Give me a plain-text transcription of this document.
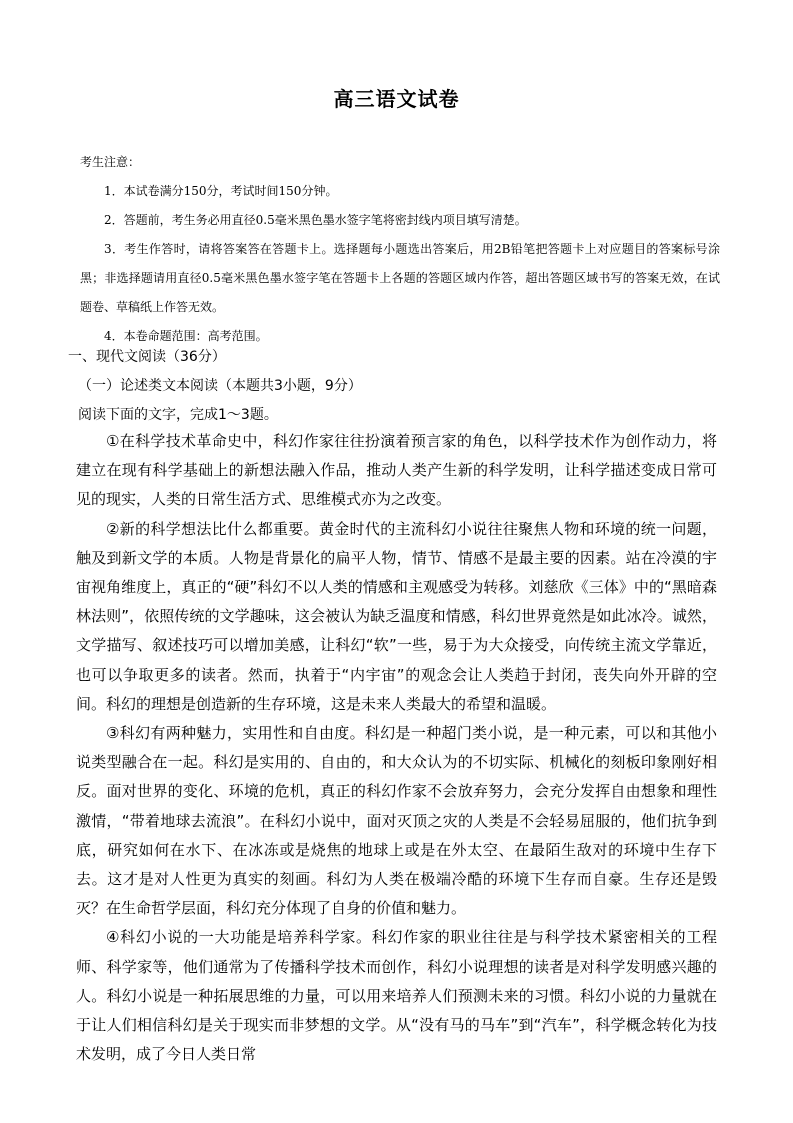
高三语文试卷

考生注意：

1．本试卷满分150分，考试时间150分钟。

2．答题前，考生务必用直径0.5毫米黑色墨水签字笔将密封线内项目填写清楚。

3．考生作答时，请将答案答在答题卡上。选择题每小题选出答案后，用2B铅笔把答题卡上对应题目的答案标号涂黑；非选择题请用直径0.5毫米黑色墨水签字笔在答题卡上各题的答题区域内作答，超出答题区域书写的答案无效，在试题卷、草稿纸上作答无效。

4．本卷命题范围：高考范围。

一、现代文阅读（36分）
（一）论述类文本阅读（本题共3小题，9分）
阅读下面的文字，完成1～3题。

①在科学技术革命史中，科幻作家往往扮演着预言家的角色，以科学技术作为创作动力，将建立在现有科学基础上的新想法融入作品，推动人类产生新的科学发明，让科学描述变成日常可见的现实，人类的日常生活方式、思维模式亦为之改变。

②新的科学想法比什么都重要。黄金时代的主流科幻小说往往聚焦人物和环境的统一问题，触及到新文学的本质。人物是背景化的扁平人物，情节、情感不是最主要的因素。站在冷漠的宇宙视角维度上，真正的“硬”科幻不以人类的情感和主观感受为转移。刘慈欣《三体》中的“黑暗森林法则”，依照传统的文学趣味，这会被认为缺乏温度和情感，科幻世界竟然是如此冰冷。诚然，文学描写、叙述技巧可以增加美感，让科幻“软”一些，易于为大众接受，向传统主流文学靠近，也可以争取更多的读者。然而，执着于“内宇宙”的观念会让人类趋于封闭，丧失向外开辟的空间。科幻的理想是创造新的生存环境，这是未来人类最大的希望和温暖。

③科幻有两种魅力，实用性和自由度。科幻是一种超门类小说，是一种元素，可以和其他小说类型融合在一起。科幻是实用的、自由的，和大众认为的不切实际、机械化的刻板印象刚好相反。面对世界的变化、环境的危机，真正的科幻作家不会放弃努力，会充分发挥自由想象和理性激情，“带着地球去流浪”。在科幻小说中，面对灭顶之灾的人类是不会轻易屈服的，他们抗争到底，研究如何在水下、在冰冻或是烧焦的地球上或是在外太空、在最陌生敌对的环境中生存下去。这才是对人性更为真实的刻画。科幻为人类在极端冷酷的环境下生存而自豪。生存还是毁灭？在生命哲学层面，科幻充分体现了自身的价值和魅力。

④科幻小说的一大功能是培养科学家。科幻作家的职业往往是与科学技术紧密相关的工程师、科学家等，他们通常为了传播科学技术而创作，科幻小说理想的读者是对科学发明感兴趣的人。科幻小说是一种拓展思维的力量，可以用来培养人们预测未来的习惯。科幻小说的力量就在于让人们相信科幻是关于现实而非梦想的文学。从“没有马的马车”到“汽车”，科学概念转化为技术发明，成了今日人类日常
